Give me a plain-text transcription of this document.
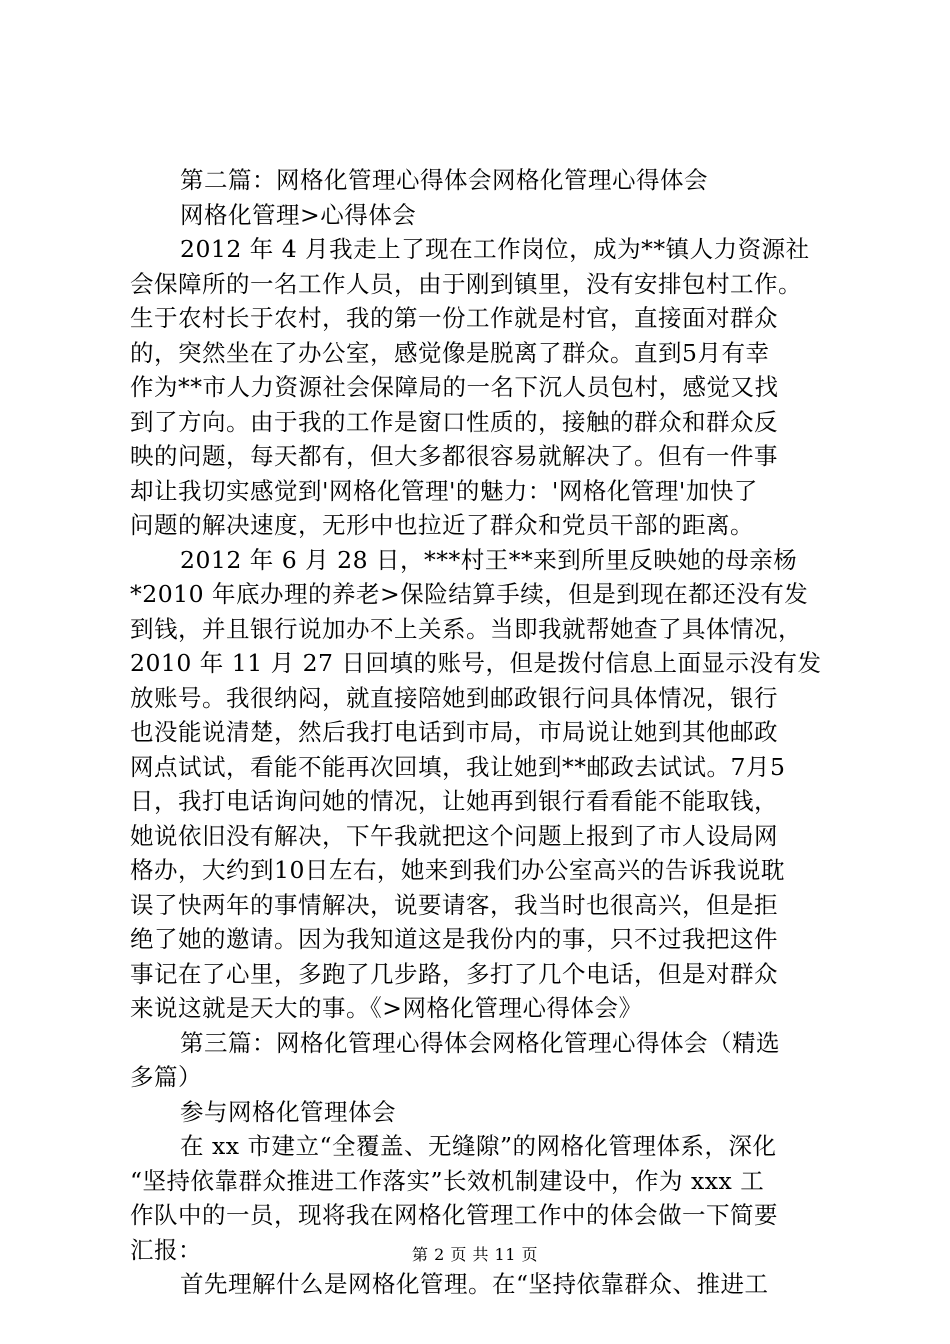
第二篇：网格化管理心得体会网格化管理心得体会
网格化管理>心得体会
2012 年 4 月我走上了现在工作岗位，成为**镇人力资源社
会保障所的一名工作人员，由于刚到镇里，没有安排包村工作。
生于农村长于农村，我的第一份工作就是村官，直接面对群众
的，突然坐在了办公室，感觉像是脱离了群众。直到5月有幸
作为**市人力资源社会保障局的一名下沉人员包村，感觉又找
到了方向。由于我的工作是窗口性质的，接触的群众和群众反
映的问题，每天都有，但大多都很容易就解决了。但有一件事
却让我切实感觉到'网格化管理'的魅力：'网格化管理'加快了
问题的解决速度，无形中也拉近了群众和党员干部的距离。
2012 年 6 月 28 日，***村王**来到所里反映她的母亲杨
*2010 年底办理的养老>保险结算手续，但是到现在都还没有发
到钱，并且银行说加办不上关系。当即我就帮她查了具体情况，
2010 年 11 月 27 日回填的账号，但是拨付信息上面显示没有发
放账号。我很纳闷，就直接陪她到邮政银行问具体情况，银行
也没能说清楚，然后我打电话到市局，市局说让她到其他邮政
网点试试，看能不能再次回填，我让她到**邮政去试试。7月5
日，我打电话询问她的情况，让她再到银行看看能不能取钱，
她说依旧没有解决，下午我就把这个问题上报到了市人设局网
格办，大约到10日左右，她来到我们办公室高兴的告诉我说耽
误了快两年的事情解决，说要请客，我当时也很高兴，但是拒
绝了她的邀请。因为我知道这是我份内的事，只不过我把这件
事记在了心里，多跑了几步路，多打了几个电话，但是对群众
来说这就是天大的事。《>网格化管理心得体会》
第三篇：网格化管理心得体会网格化管理心得体会（精选
多篇）
参与网格化管理体会
在 xx 市建立“全覆盖、无缝隙”的网格化管理体系，深化
“坚持依靠群众推进工作落实”长效机制建设中，作为 xxx 工
作队中的一员，现将我在网格化管理工作中的体会做一下简要
汇报：
首先理解什么是网格化管理。在“坚持依靠群众、推进工
第 2 页 共 11 页
